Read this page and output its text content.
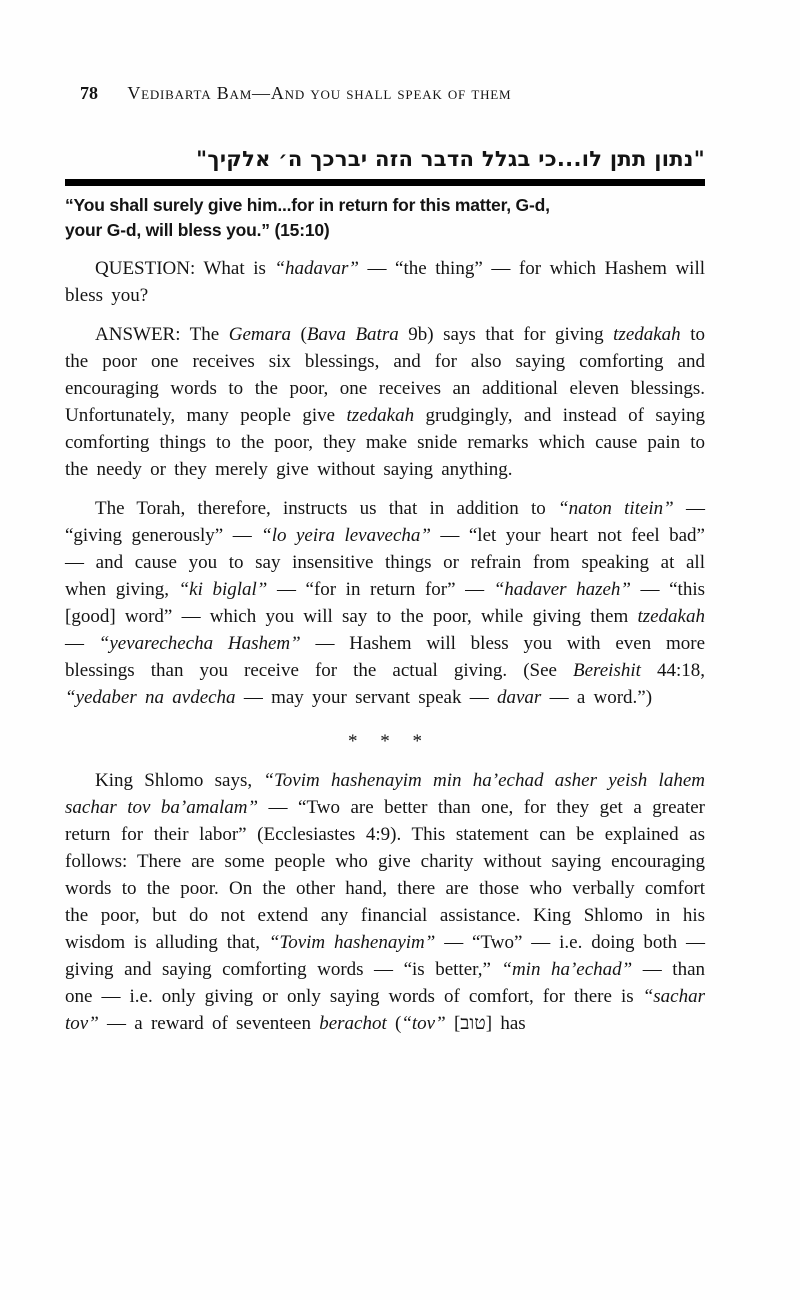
78 Vedibarta Bam—And you shall speak of them
"נתון תתן לו...כי בגלל הדבר הזה יברכך ה׳ אלקיך"
“You shall surely give him...for in return for this matter, G-d,
your G-d, will bless you.” (15:10)

QUESTION: What is “hadavar” — “the thing” — for which Hashem will bless you?

ANSWER: The Gemara (Bava Batra 9b) says that for giving tzedakah to the poor one receives six blessings, and for also saying comforting and encouraging words to the poor, one receives an additional eleven blessings. Unfortunately, many people give tzedakah grudgingly, and instead of saying comforting things to the poor, they make snide remarks which cause pain to the needy or they merely give without saying anything.

The Torah, therefore, instructs us that in addition to “naton titein” — “giving generously” — “lo yeira levavecha” — “let your heart not feel bad” — and cause you to say insensitive things or refrain from speaking at all when giving, “ki biglal” — “for in return for” — “hadaver hazeh” — “this [good] word” — which you will say to the poor, while giving them tzedakah — “yevarechecha Hashem” — Hashem will bless you with even more blessings than you receive for the actual giving. (See Bereishit 44:18, “yedaber na avdecha — may your servant speak — davar — a word.”)

* * *

King Shlomo says, “Tovim hashenayim min ha’echad asher yeish lahem sachar tov ba’amalam” — “Two are better than one, for they get a greater return for their labor” (Ecclesiastes 4:9). This statement can be explained as follows: There are some people who give charity without saying encouraging words to the poor. On the other hand, there are those who verbally comfort the poor, but do not extend any financial assistance. King Shlomo in his wisdom is alluding that, “Tovim hashenayim” — “Two” — i.e. doing both — giving and saying comforting words — “is better,” “min ha’echad” — than one — i.e. only giving or only saying words of comfort, for there is “sachar tov” — a reward of seventeen berachot (“tov” [טוב] has
